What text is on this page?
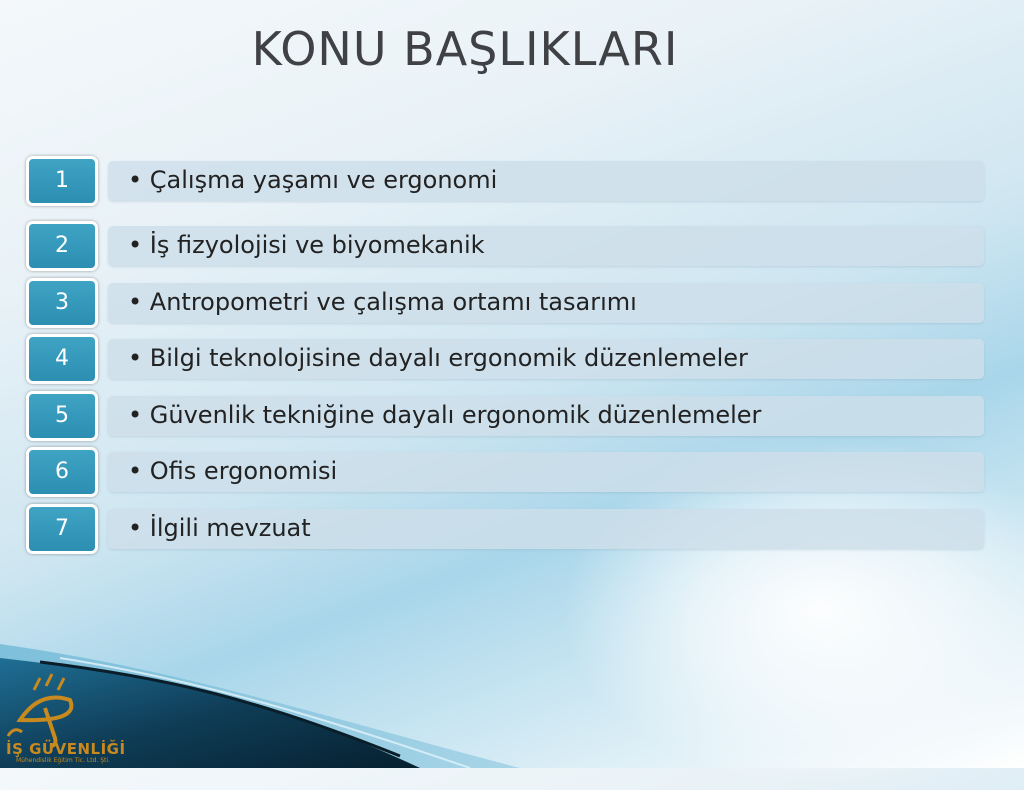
KONU BAŞLIKLARI
1	• Çalışma yaşamı ve ergonomi
2	• İş fizyolojisi ve biyomekanik
3	• Antropometri ve çalışma ortamı tasarımı
4	• Bilgi teknolojisine dayalı ergonomik düzenlemeler
5	• Güvenlik tekniğine dayalı ergonomik düzenlemeler
6	• Ofis ergonomisi
7	• İlgili mevzuat
İŞ GÜVENLİĞİ
Mühendislik Eğitim Tic. Ltd. Şti.
